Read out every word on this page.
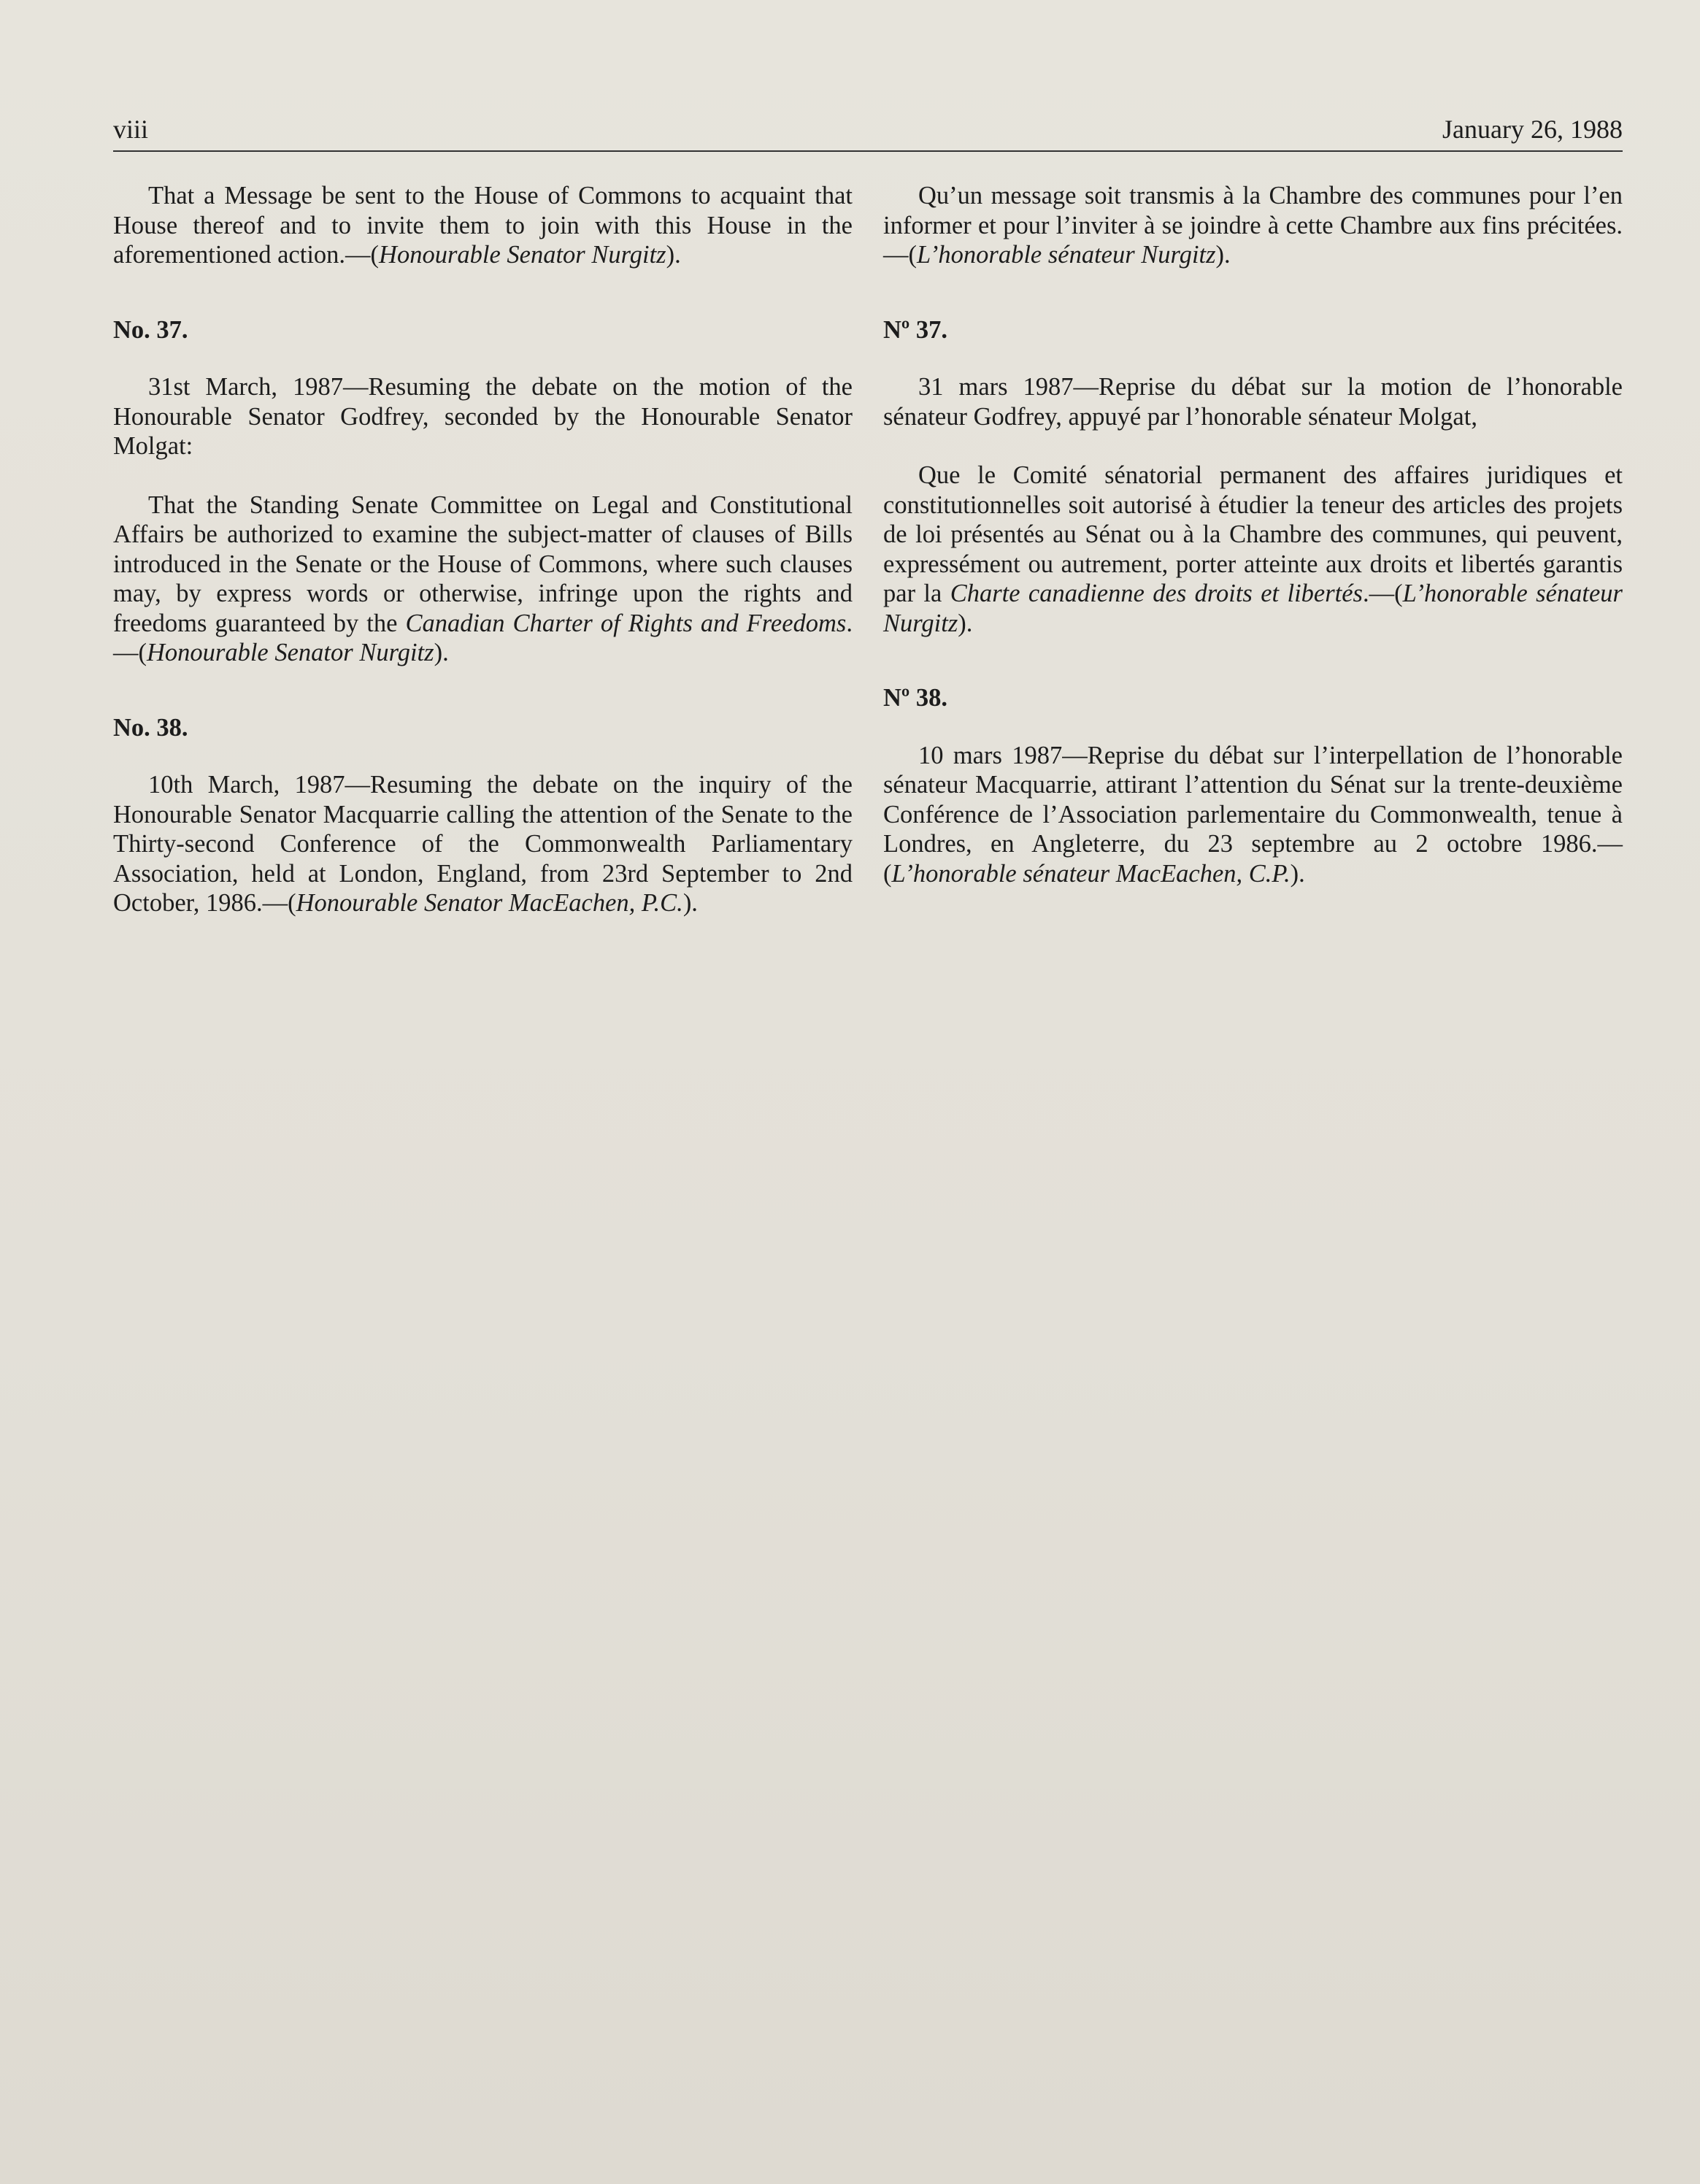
viii	January 26, 1988

That a Message be sent to the House of Commons to acquaint that House thereof and to invite them to join with this House in the aforementioned action.—(Honourable Senator Nurgitz).

No. 37.

31st March, 1987—Resuming the debate on the motion of the Honourable Senator Godfrey, seconded by the Honourable Senator Molgat:

That the Standing Senate Committee on Legal and Constitutional Affairs be authorized to examine the subject-matter of clauses of Bills introduced in the Senate or the House of Commons, where such clauses may, by express words or otherwise, infringe upon the rights and freedoms guaranteed by the Canadian Charter of Rights and Freedoms.—(Honourable Senator Nurgitz).

No. 38.

10th March, 1987—Resuming the debate on the inquiry of the Honourable Senator Macquarrie calling the attention of the Senate to the Thirty-second Conference of the Commonwealth Parliamentary Association, held at London, England, from 23rd September to 2nd October, 1986.—(Honourable Senator MacEachen, P.C.).

Qu’un message soit transmis à la Chambre des communes pour l’en informer et pour l’inviter à se joindre à cette Chambre aux fins précitées.—(L’honorable sénateur Nurgitz).

Nº 37.

31 mars 1987—Reprise du débat sur la motion de l’honorable sénateur Godfrey, appuyé par l’honorable sénateur Molgat,

Que le Comité sénatorial permanent des affaires juridiques et constitutionnelles soit autorisé à étudier la teneur des articles des projets de loi présentés au Sénat ou à la Chambre des communes, qui peuvent, expressément ou autrement, porter atteinte aux droits et libertés garantis par la Charte canadienne des droits et libertés.—(L’honorable sénateur Nurgitz).

Nº 38.

10 mars 1987—Reprise du débat sur l’interpellation de l’honorable sénateur Macquarrie, attirant l’attention du Sénat sur la trente-deuxième Conférence de l’Association parlementaire du Commonwealth, tenue à Londres, en Angleterre, du 23 septembre au 2 octobre 1986.—(L’honorable sénateur MacEachen, C.P.).
